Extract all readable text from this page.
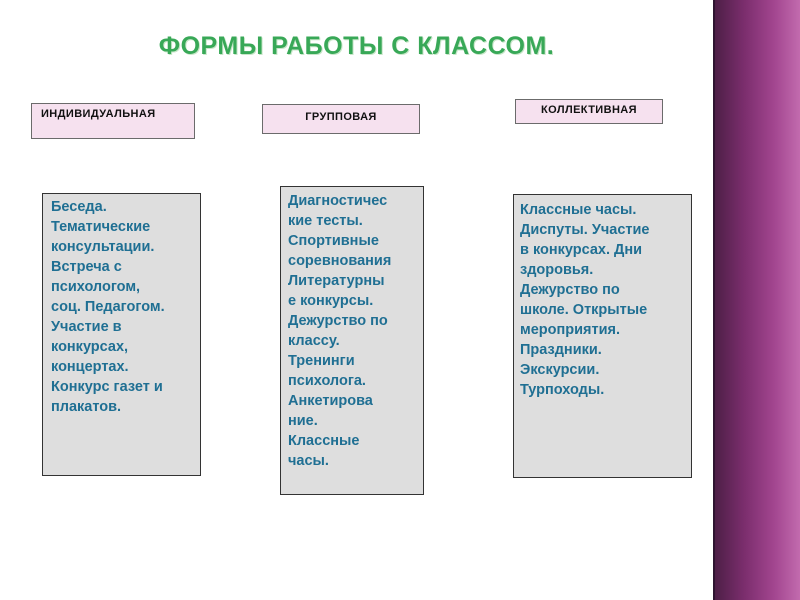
ФОРМЫ РАБОТЫ С КЛАССОМ.
ИНДИВИДУАЛЬНАЯ	ГРУППОВАЯ
КОЛЛЕКТИВНАЯ
Беседа.
Тематические
консультации.
Встреча с
психологом,
соц. Педагогом.
Участие в
конкурсах,
концертах.
Конкурс газет и
плакатов.
Диагностичес
кие тесты.
Спортивные
соревнования
Литературны
е конкурсы.
Дежурство по
классу.
Тренинги
психолога.
Анкетирова
ние.
Классные
часы.
Классные часы.
Диспуты. Участие
в конкурсах. Дни
здоровья.
Дежурство по
школе. Открытые
мероприятия.
Праздники.
Экскурсии.
Турпоходы.
